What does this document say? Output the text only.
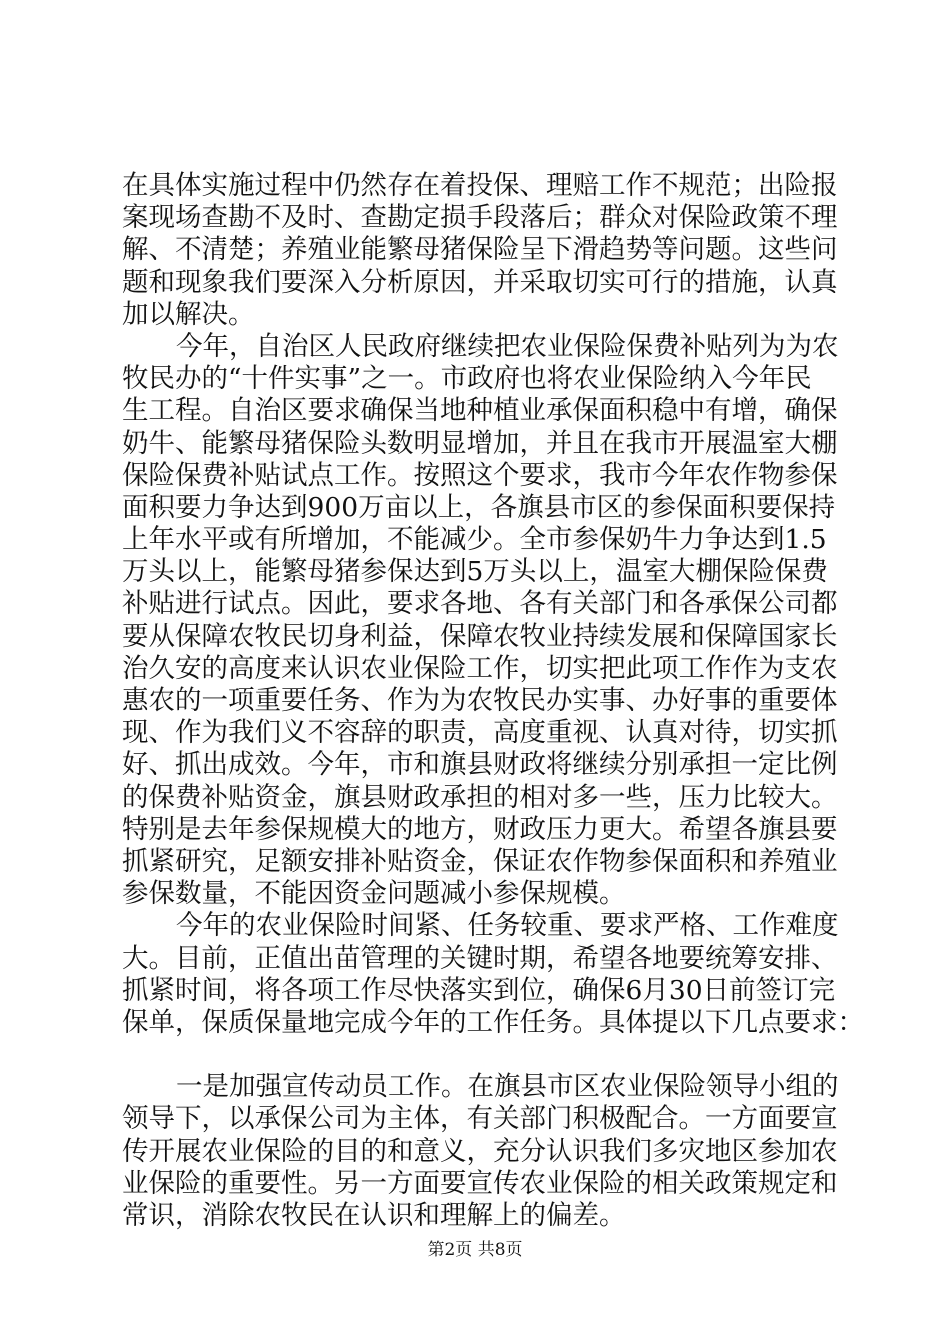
在具体实施过程中仍然存在着投保、理赔工作不规范；出险报
案现场查勘不及时、查勘定损手段落后；群众对保险政策不理
解、不清楚；养殖业能繁母猪保险呈下滑趋势等问题。这些问
题和现象我们要深入分析原因，并采取切实可行的措施，认真
加以解决。
今年，自治区人民政府继续把农业保险保费补贴列为为农
牧民办的“十件实事”之一。市政府也将农业保险纳入今年民
生工程。自治区要求确保当地种植业承保面积稳中有增，确保
奶牛、能繁母猪保险头数明显增加，并且在我市开展温室大棚
保险保费补贴试点工作。按照这个要求，我市今年农作物参保
面积要力争达到900万亩以上，各旗县市区的参保面积要保持
上年水平或有所增加，不能减少。全市参保奶牛力争达到1.5
万头以上，能繁母猪参保达到5万头以上，温室大棚保险保费
补贴进行试点。因此，要求各地、各有关部门和各承保公司都
要从保障农牧民切身利益，保障农牧业持续发展和保障国家长
治久安的高度来认识农业保险工作，切实把此项工作作为支农
惠农的一项重要任务、作为为农牧民办实事、办好事的重要体
现、作为我们义不容辞的职责，高度重视、认真对待，切实抓
好、抓出成效。今年，市和旗县财政将继续分别承担一定比例
的保费补贴资金，旗县财政承担的相对多一些，压力比较大。
特别是去年参保规模大的地方，财政压力更大。希望各旗县要
抓紧研究，足额安排补贴资金，保证农作物参保面积和养殖业
参保数量，不能因资金问题减小参保规模。
今年的农业保险时间紧、任务较重、要求严格、工作难度
大。目前，正值出苗管理的关键时期，希望各地要统筹安排、
抓紧时间，将各项工作尽快落实到位，确保6月30日前签订完
保单，保质保量地完成今年的工作任务。具体提以下几点要求：
一是加强宣传动员工作。在旗县市区农业保险领导小组的
领导下，以承保公司为主体，有关部门积极配合。一方面要宣
传开展农业保险的目的和意义，充分认识我们多灾地区参加农
业保险的重要性。另一方面要宣传农业保险的相关政策规定和
常识，消除农牧民在认识和理解上的偏差。
第2页 共8页
